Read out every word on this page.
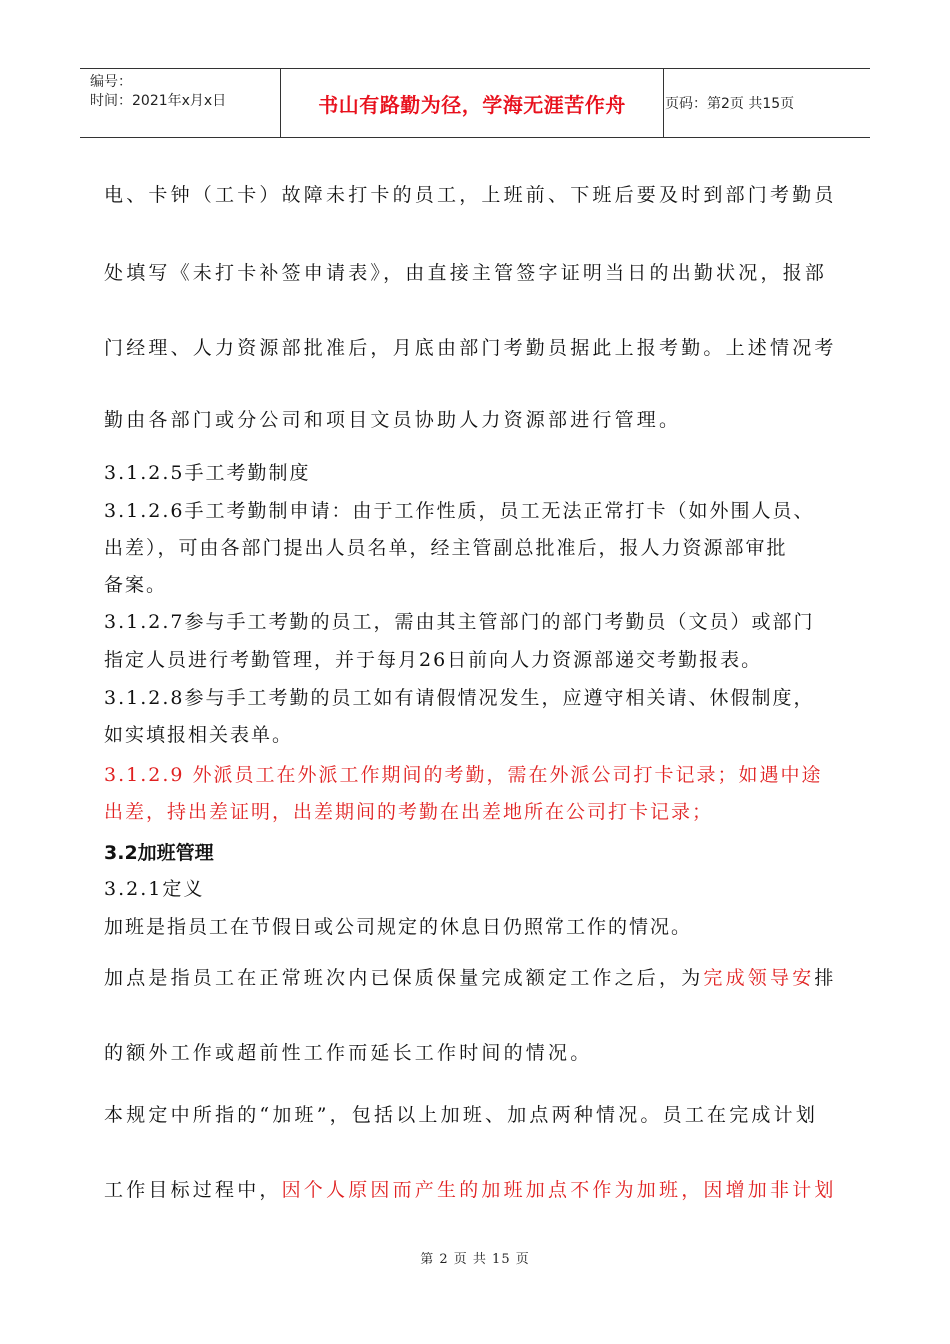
编号：
时间：2021年x月x日	书山有路勤为径，学海无涯苦作舟	页码：第2页 共15页
电、卡钟（工卡）故障未打卡的员工，上班前、下班后要及时到部门考勤员
处填写《未打卡补签申请表》，由直接主管签字证明当日的出勤状况，报部
门经理、人力资源部批准后，月底由部门考勤员据此上报考勤。上述情况考
勤由各部门或分公司和项目文员协助人力资源部进行管理。
3.1.2.5手工考勤制度
3.1.2.6手工考勤制申请：由于工作性质，员工无法正常打卡（如外围人员、
出差），可由各部门提出人员名单，经主管副总批准后，报人力资源部审批
备案。
3.1.2.7参与手工考勤的员工，需由其主管部门的部门考勤员（文员）或部门
指定人员进行考勤管理，并于每月26日前向人力资源部递交考勤报表。
3.1.2.8参与手工考勤的员工如有请假情况发生，应遵守相关请、休假制度，
如实填报相关表单。
3.1.2.9 外派员工在外派工作期间的考勤，需在外派公司打卡记录；如遇中途
出差，持出差证明，出差期间的考勤在出差地所在公司打卡记录；
3.2加班管理
3.2.1定义
加班是指员工在节假日或公司规定的休息日仍照常工作的情况。
加点是指员工在正常班次内已保质保量完成额定工作之后，为完成领导安排
的额外工作或超前性工作而延长工作时间的情况。
本规定中所指的“加班”，包括以上加班、加点两种情况。员工在完成计划
工作目标过程中，因个人原因而产生的加班加点不作为加班，因增加非计划
第 2 页 共 15 页
